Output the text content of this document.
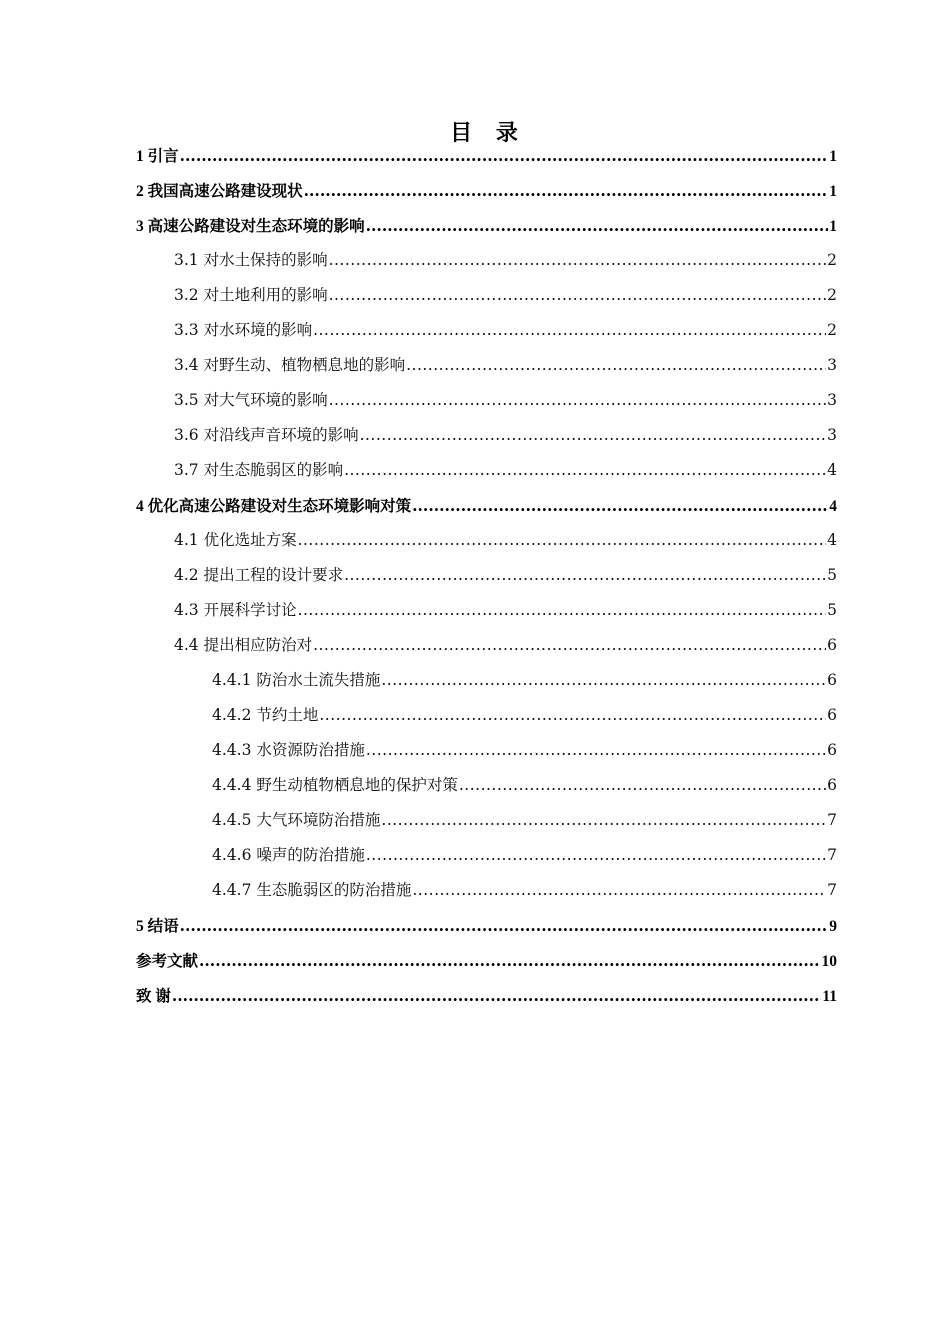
目 录
1 引言 .....	1
2 我国高速公路建设现状 .....	1
3 高速公路建设对生态环境的影响 .....	1
3.1 对水土保持的影响 .....	2
3.2 对土地利用的影响 .....	2
3.3 对水环境的影响 .....	2
3.4 对野生动、植物栖息地的影响 .....	3
3.5 对大气环境的影响 .....	3
3.6 对沿线声音环境的影响 .....	3
3.7 对生态脆弱区的影响 .....	4
4 优化高速公路建设对生态环境影响对策 .....	4
4.1 优化选址方案 .....	4
4.2 提出工程的设计要求 .....	5
4.3 开展科学讨论 .....	5
4.4 提出相应防治对 .....	6
4.4.1 防治水土流失措施 .....	6
4.4.2 节约土地 .....	6
4.4.3 水资源防治措施 .....	6
4.4.4 野生动植物栖息地的保护对策 .....	6
4.4.5 大气环境防治措施 .....	7
4.4.6 噪声的防治措施 .....	7
4.4.7 生态脆弱区的防治措施 .....	7
5 结语 .....	9
参考文献 .....	10
致 谢 .....	11
